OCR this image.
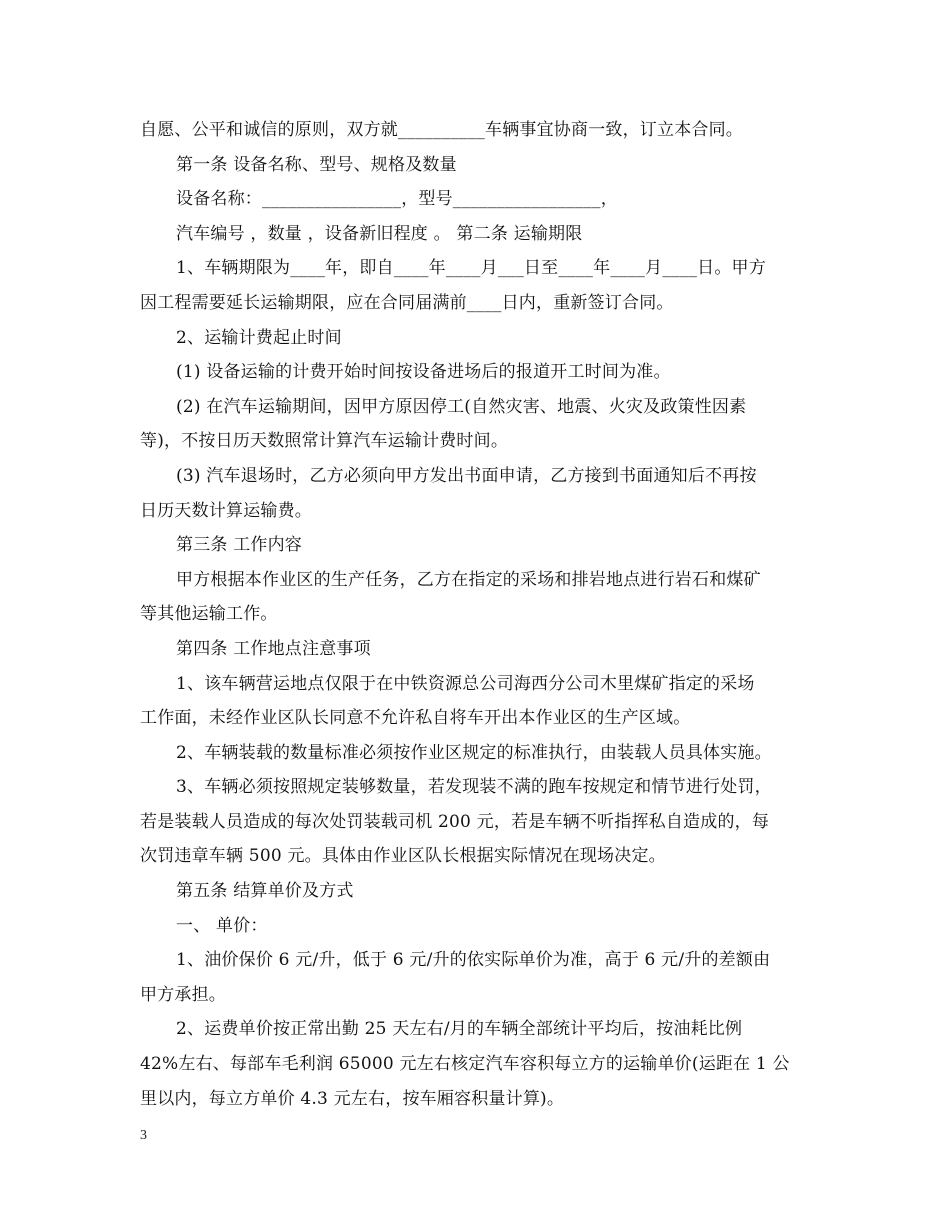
自愿、公平和诚信的原则，双方就__________车辆事宜协商一致，订立本合同。
第一条 设备名称、型号、规格及数量
设备名称：________________，型号_________________，
汽车编号 ，数量 ，设备新旧程度 。 第二条 运输期限
1、车辆期限为____年，即自____年____月___日至____年____月____日。甲方
因工程需要延长运输期限，应在合同届满前____日内，重新签订合同。
2、运输计费起止时间
(1) 设备运输的计费开始时间按设备进场后的报道开工时间为准。
(2) 在汽车运输期间，因甲方原因停工(自然灾害、地震、火灾及政策性因素
等)，不按日历天数照常计算汽车运输计费时间。
(3) 汽车退场时，乙方必须向甲方发出书面申请，乙方接到书面通知后不再按
日历天数计算运输费。
第三条 工作内容
甲方根据本作业区的生产任务，乙方在指定的采场和排岩地点进行岩石和煤矿
等其他运输工作。
第四条 工作地点注意事项
1、该车辆营运地点仅限于在中铁资源总公司海西分公司木里煤矿指定的采场
工作面，未经作业区队长同意不允许私自将车开出本作业区的生产区域。
2、车辆装载的数量标准必须按作业区规定的标准执行，由装载人员具体实施。
3、车辆必须按照规定装够数量，若发现装不满的跑车按规定和情节进行处罚，
若是装载人员造成的每次处罚装载司机 200 元，若是车辆不听指挥私自造成的，每
次罚违章车辆 500 元。具体由作业区队长根据实际情况在现场决定。
第五条 结算单价及方式
一、 单价：
1、油价保价 6 元/升，低于 6 元/升的依实际单价为准，高于 6 元/升的差额由
甲方承担。
2、运费单价按正常出勤 25 天左右/月的车辆全部统计平均后，按油耗比例
42%左右、每部车毛利润 65000 元左右核定汽车容积每立方的运输单价(运距在 1 公
里以内，每立方单价 4.3 元左右，按车厢容积量计算)。
3
